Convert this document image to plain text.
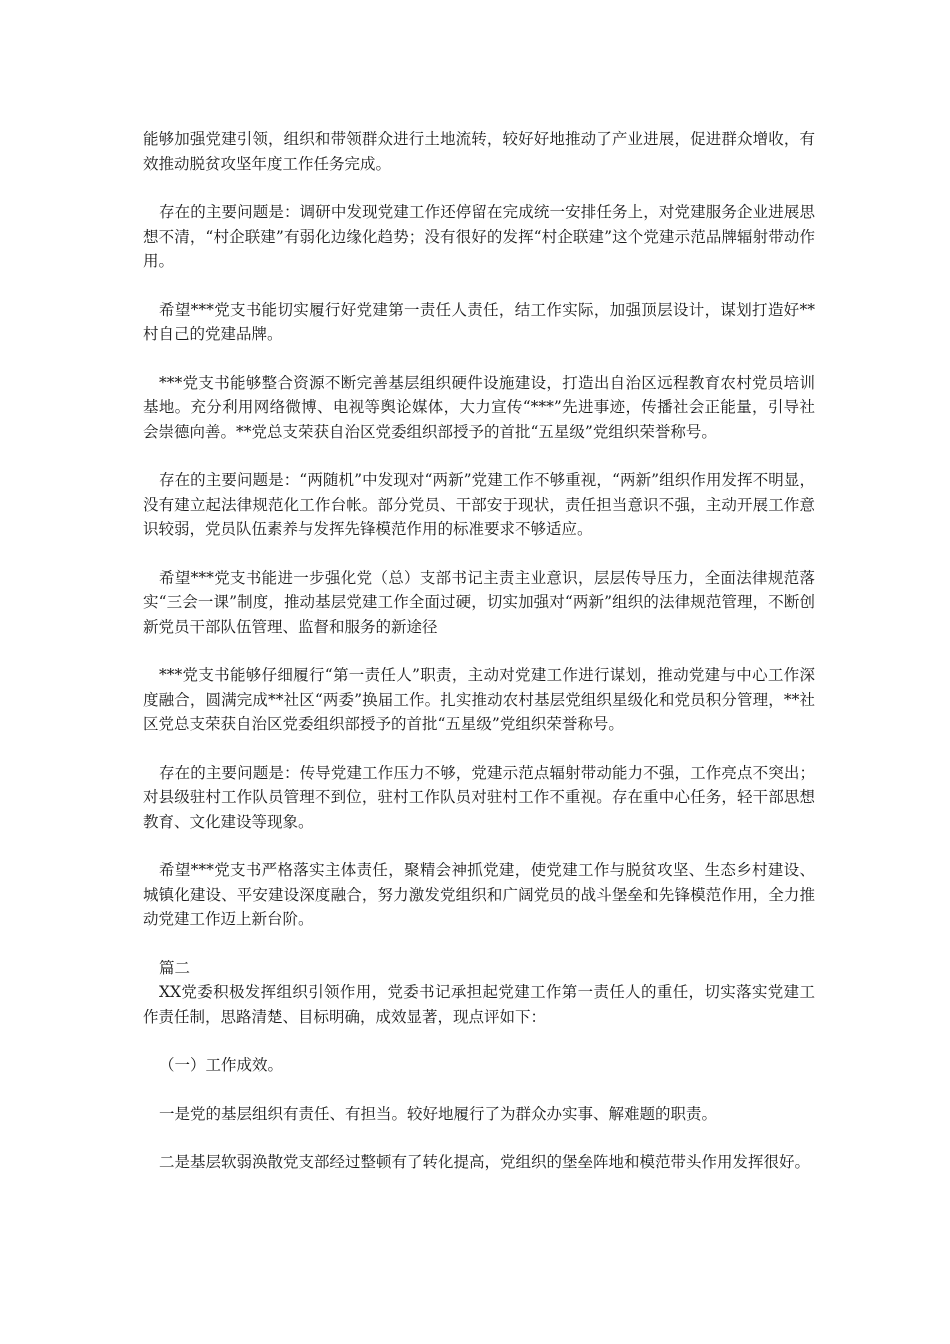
能够加强党建引领，组织和带领群众进行土地流转，较好好地推动了产业进展，促进群众增收，有效推动脱贫攻坚年度工作任务完成。

存在的主要问题是：调研中发现党建工作还停留在完成统一安排任务上，对党建服务企业进展思想不清，“村企联建”有弱化边缘化趋势；没有很好的发挥“村企联建”这个党建示范品牌辐射带动作用。

希望***党支书能切实履行好党建第一责任人责任，结工作实际，加强顶层设计，谋划打造好**村自己的党建品牌。

***党支书能够整合资源不断完善基层组织硬件设施建设，打造出自治区远程教育农村党员培训基地。充分利用网络微博、电视等舆论媒体，大力宣传“***”先进事迹，传播社会正能量，引导社会崇德向善。**党总支荣获自治区党委组织部授予的首批“五星级”党组织荣誉称号。

存在的主要问题是：“两随机”中发现对“两新”党建工作不够重视，“两新”组织作用发挥不明显，没有建立起法律规范化工作台帐。部分党员、干部安于现状，责任担当意识不强，主动开展工作意识较弱，党员队伍素养与发挥先锋模范作用的标准要求不够适应。

希望***党支书能进一步强化党（总）支部书记主责主业意识，层层传导压力，全面法律规范落实“三会一课”制度，推动基层党建工作全面过硬，切实加强对“两新”组织的法律规范管理，不断创新党员干部队伍管理、监督和服务的新途径

***党支书能够仔细履行“第一责任人”职责，主动对党建工作进行谋划，推动党建与中心工作深度融合，圆满完成**社区“两委”换届工作。扎实推动农村基层党组织星级化和党员积分管理，**社区党总支荣获自治区党委组织部授予的首批“五星级”党组织荣誉称号。

存在的主要问题是：传导党建工作压力不够，党建示范点辐射带动能力不强，工作亮点不突出；对县级驻村工作队员管理不到位，驻村工作队员对驻村工作不重视。存在重中心任务，轻干部思想教育、文化建设等现象。

希望***党支书严格落实主体责任，聚精会神抓党建，使党建工作与脱贫攻坚、生态乡村建设、城镇化建设、平安建设深度融合，努力激发党组织和广阔党员的战斗堡垒和先锋模范作用，全力推动党建工作迈上新台阶。

篇二

XX党委积极发挥组织引领作用，党委书记承担起党建工作第一责任人的重任，切实落实党建工作责任制，思路清楚、目标明确，成效显著，现点评如下：

（一）工作成效。

一是党的基层组织有责任、有担当。较好地履行了为群众办实事、解难题的职责。

二是基层软弱涣散党支部经过整顿有了转化提高，党组织的堡垒阵地和模范带头作用发挥很好。
